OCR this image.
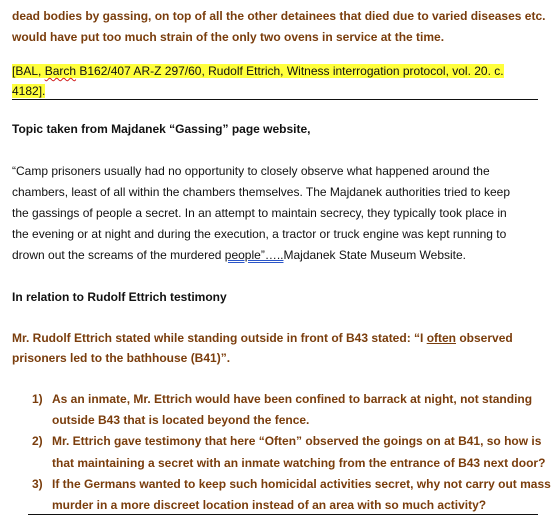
dead bodies by gassing, on top of all the other detainees that died due to varied diseases etc.
would have put too much strain of the only two ovens in service at the time.
[BAL, Barch B162/407 AR-Z 297/60, Rudolf Ettrich, Witness interrogation protocol, vol. 20. c.
4182].
Topic taken from Majdanek “Gassing” page website,
“Camp prisoners usually had no opportunity to closely observe what happened around the
chambers, least of all within the chambers themselves. The Majdanek authorities tried to keep
the gassings of people a secret. In an attempt to maintain secrecy, they typically took place in
the evening or at night and during the execution, a tractor or truck engine was kept running to
drown out the screams of the murdered people”…..Majdanek State Museum Website.
In relation to Rudolf Ettrich testimony
Mr. Rudolf Ettrich stated while standing outside in front of B43 stated: “I often observed
prisoners led to the bathhouse (B41)”.
1) As an inmate, Mr. Ettrich would have been confined to barrack at night, not standing
outside B43 that is located beyond the fence.
2) Mr. Ettrich gave testimony that here “Often” observed the goings on at B41, so how is
that maintaining a secret with an inmate watching from the entrance of B43 next door?
3) If the Germans wanted to keep such homicidal activities secret, why not carry out mass
murder in a more discreet location instead of an area with so much activity?
